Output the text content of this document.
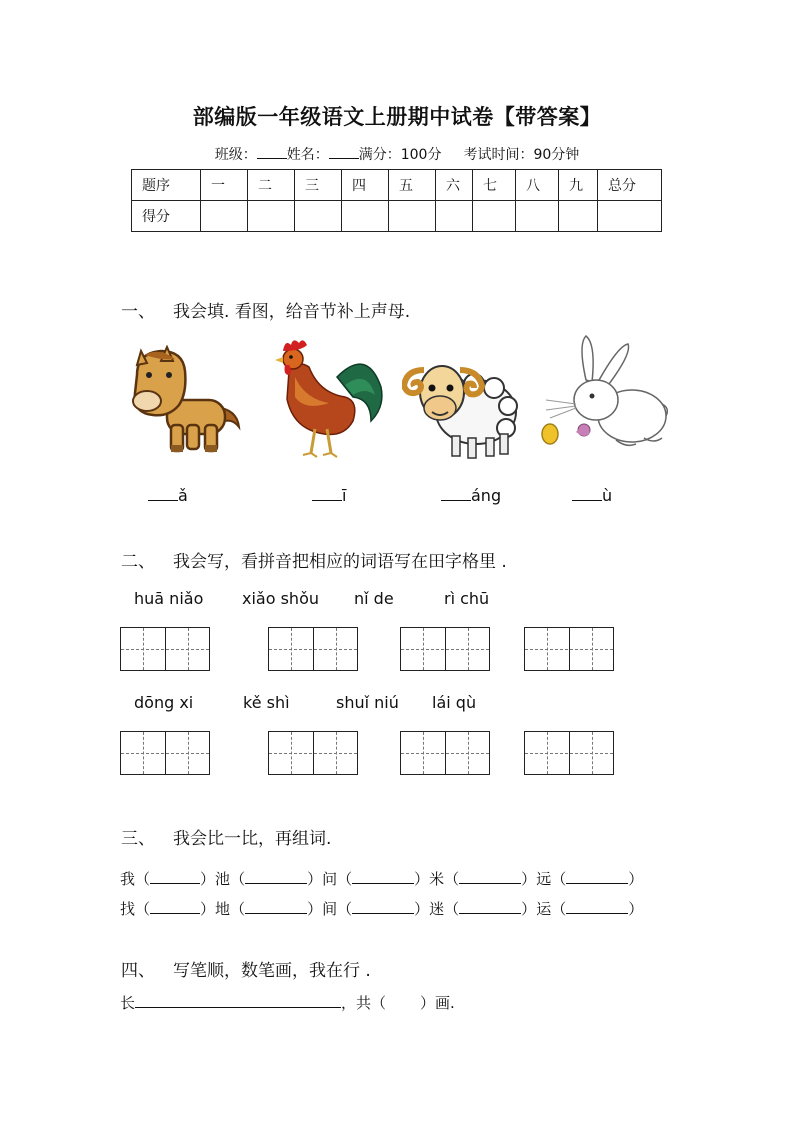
部编版一年级语文上册期中试卷【带答案】
班级： 姓名： 满分：100分 考试时间：90分钟
题序	一	二	三	四	五	六	七	八	九	总分
得分										
一、 我会填. 看图，给音节补上声母.
ǎ	ī	áng	ù
二、 我会写，看拼音把相应的词语写在田字格里 .
huā niǎo xiǎo shǒu nǐ de	rì chū
dōng xi	kě shì	shuǐ niú lái qù
三、 我会比一比，再组词.
我（	）池（	）问（	）米（	）远（	）
找（	）地（	）间（	）迷（	）运（	）
四、 写笔顺，数笔画，我在行 .
长	，共（ ）画.
